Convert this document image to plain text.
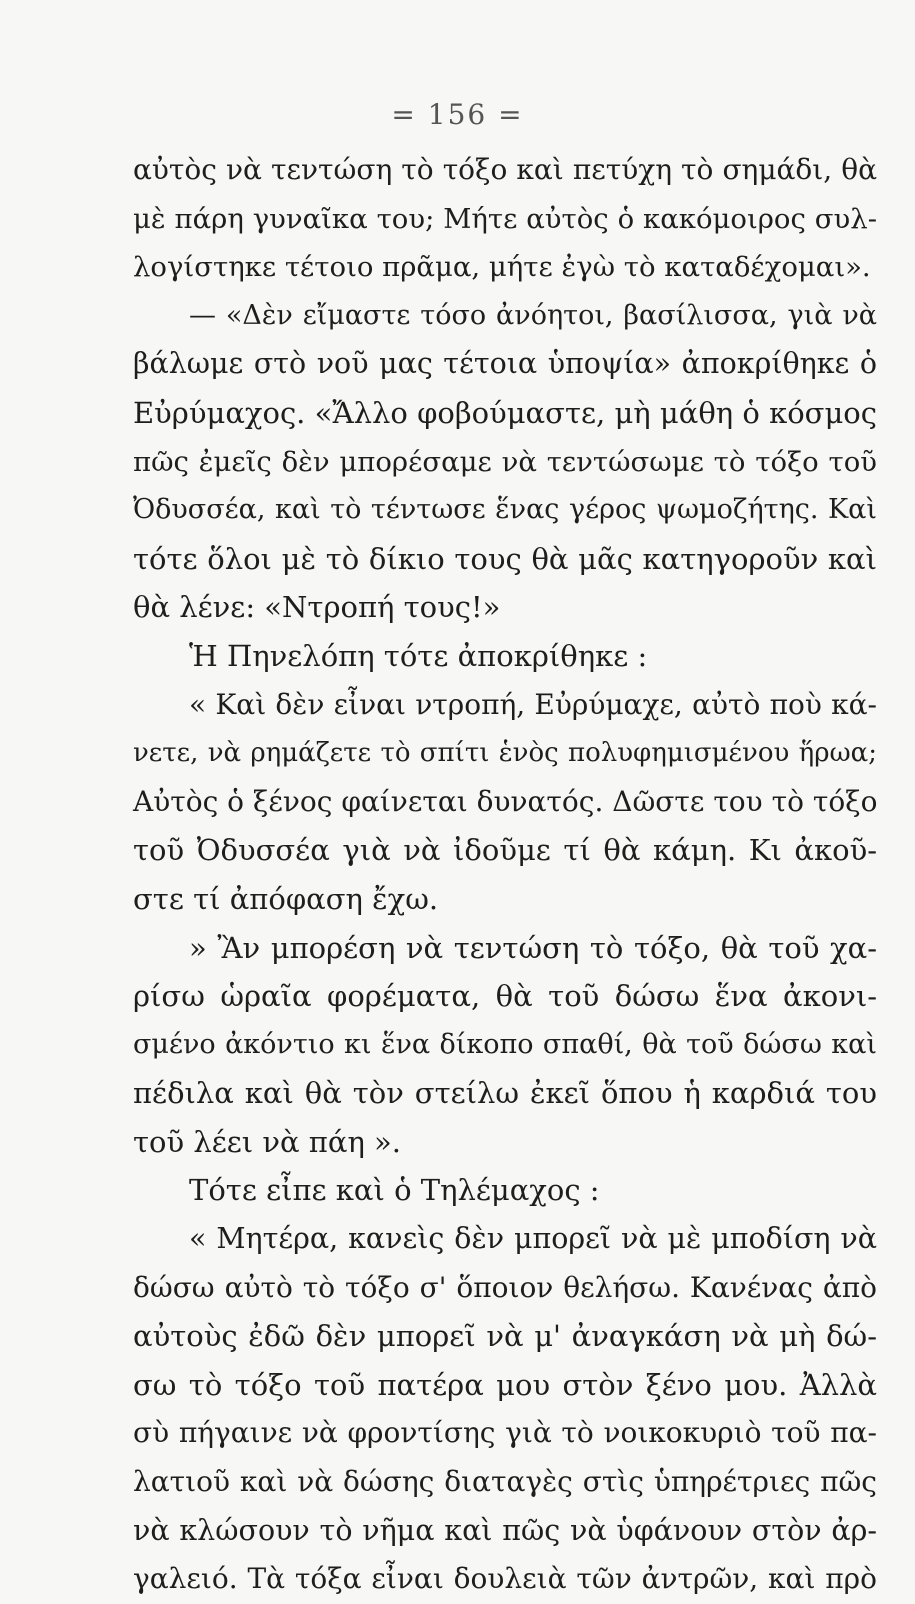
= 156 =
αὐτὸς νὰ τεντώση τὸ τόξο καὶ πετύχη τὸ σημάδι, θὰ
μὲ πάρη γυναῖκα του; Μήτε αὐτὸς ὁ κακόμοιρος συλ-
λογίστηκε τέτοιο πρᾶμα, μήτε ἐγὼ τὸ καταδέχομαι».
— «Δὲν εἴμαστε τόσο ἀνόητοι, βασίλισσα, γιὰ νὰ
βάλωμε στὸ νοῦ μας τέτοια ὑποψία» ἀποκρίθηκε ὁ
Εὐρύμαχος. «Ἄλλο φοβούμαστε, μὴ μάθη ὁ κόσμος
πῶς ἐμεῖς δὲν μπορέσαμε νὰ τεντώσωμε τὸ τόξο τοῦ
Ὀδυσσέα, καὶ τὸ τέντωσε ἕνας γέρος ψωμοζήτης. Καὶ
τότε ὅλοι μὲ τὸ δίκιο τους θὰ μᾶς κατηγοροῦν καὶ
θὰ λένε: «Ντροπή τους!»
Ἡ Πηνελόπη τότε ἀποκρίθηκε :
« Καὶ δὲν εἶναι ντροπή, Εὐρύμαχε, αὐτὸ ποὺ κά-
νετε, νὰ ρημάζετε τὸ σπίτι ἑνὸς πολυφημισμένου ἥρωα;
Αὐτὸς ὁ ξένος φαίνεται δυνατός. Δῶστε του τὸ τόξο
τοῦ Ὀδυσσέα γιὰ νὰ ἰδοῦμε τί θὰ κάμη. Κι ἀκοῦ-
στε τί ἀπόφαση ἔχω.
» Ἂν μπορέση νὰ τεντώση τὸ τόξο, θὰ τοῦ χα-
ρίσω ὡραῖα φορέματα, θὰ τοῦ δώσω ἕνα ἀκονι-
σμένο ἀκόντιο κι ἕνα δίκοπο σπαθί, θὰ τοῦ δώσω καὶ
πέδιλα καὶ θὰ τὸν στείλω ἐκεῖ ὅπου ἡ καρδιά του
τοῦ λέει νὰ πάη ».
Τότε εἶπε καὶ ὁ Τηλέμαχος :
« Μητέρα, κανεὶς δὲν μπορεῖ νὰ μὲ μποδίση νὰ
δώσω αὐτὸ τὸ τόξο σ' ὅποιον θελήσω. Κανένας ἀπὸ
αὐτοὺς ἐδῶ δὲν μπορεῖ νὰ μ' ἀναγκάση νὰ μὴ δώ-
σω τὸ τόξο τοῦ πατέρα μου στὸν ξένο μου. Ἀλλὰ
σὺ πήγαινε νὰ φροντίσης γιὰ τὸ νοικοκυριὸ τοῦ πα-
λατιοῦ καὶ νὰ δώσης διαταγὲς στὶς ὑπηρέτριες πῶς
νὰ κλώσουν τὸ νῆμα καὶ πῶς νὰ ὑφάνουν στὸν ἀρ-
γαλειό. Τὰ τόξα εἶναι δουλειὰ τῶν ἀντρῶν, καὶ πρὸ
